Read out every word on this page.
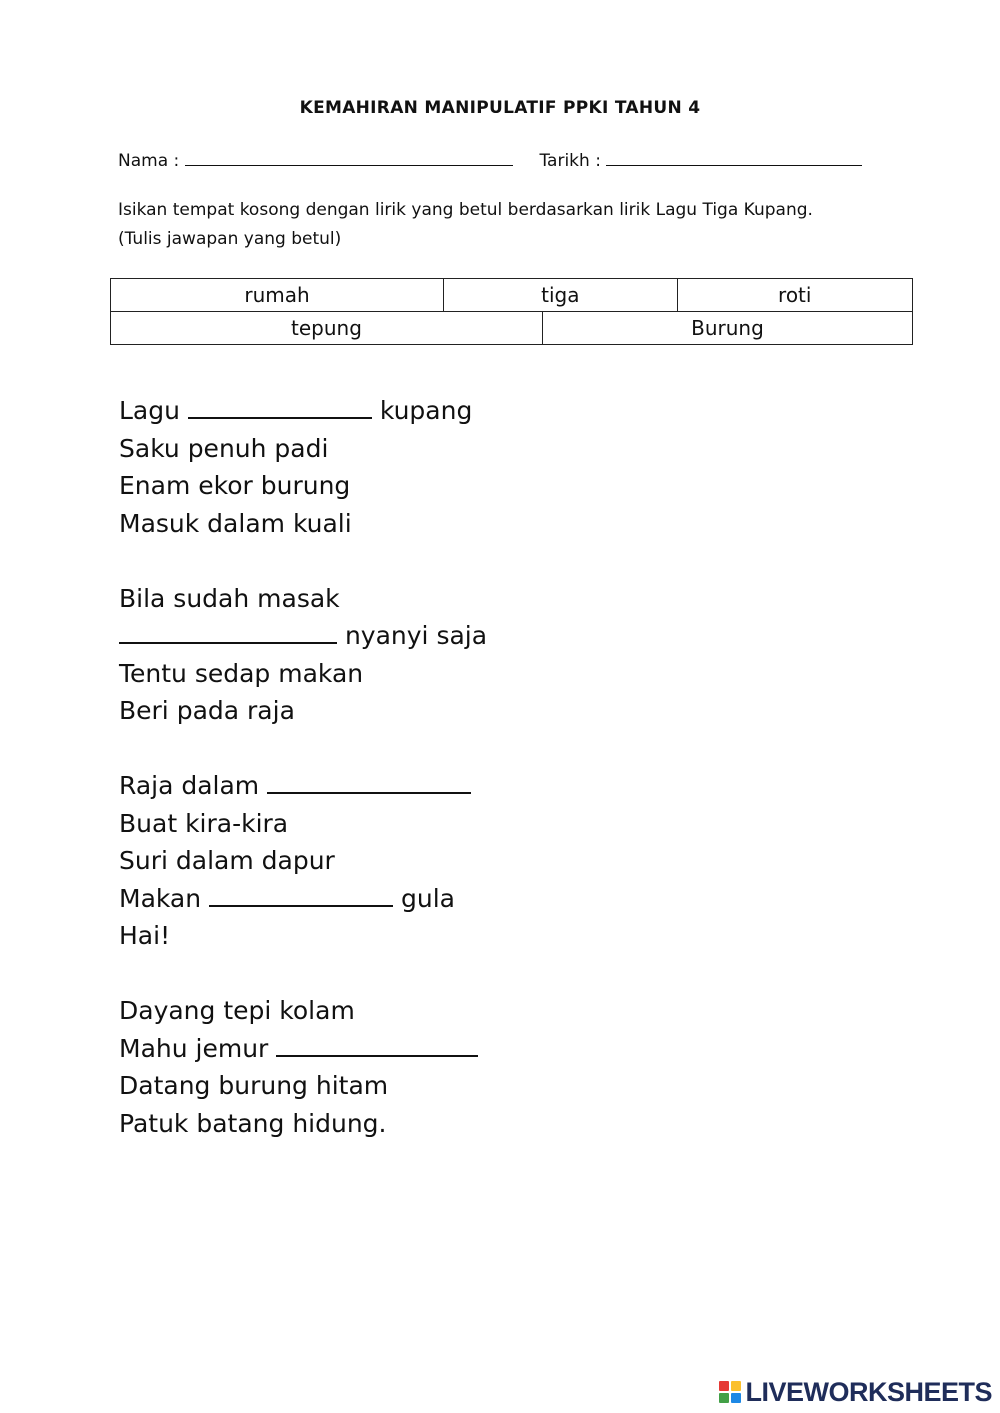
KEMAHIRAN MANIPULATIF PPKI TAHUN 4
Nama :	Tarikh :
Isikan tempat kosong dengan lirik yang betul berdasarkan lirik Lagu Tiga Kupang.
(Tulis jawapan yang betul)
rumah	tiga		roti
tepung		Burung	
Lagu	kupang
Saku penuh padi
Enam ekor burung
Masuk dalam kuali
Bila sudah masak
nyanyi saja
Tentu sedap makan
Beri pada raja
Raja dalam
Buat kira-kira
Suri dalam dapur
Makan	gula
Hai!
Dayang tepi kolam
Mahu jemur
Datang burung hitam
Patuk batang hidung.
LIVEWORKSHEETS
